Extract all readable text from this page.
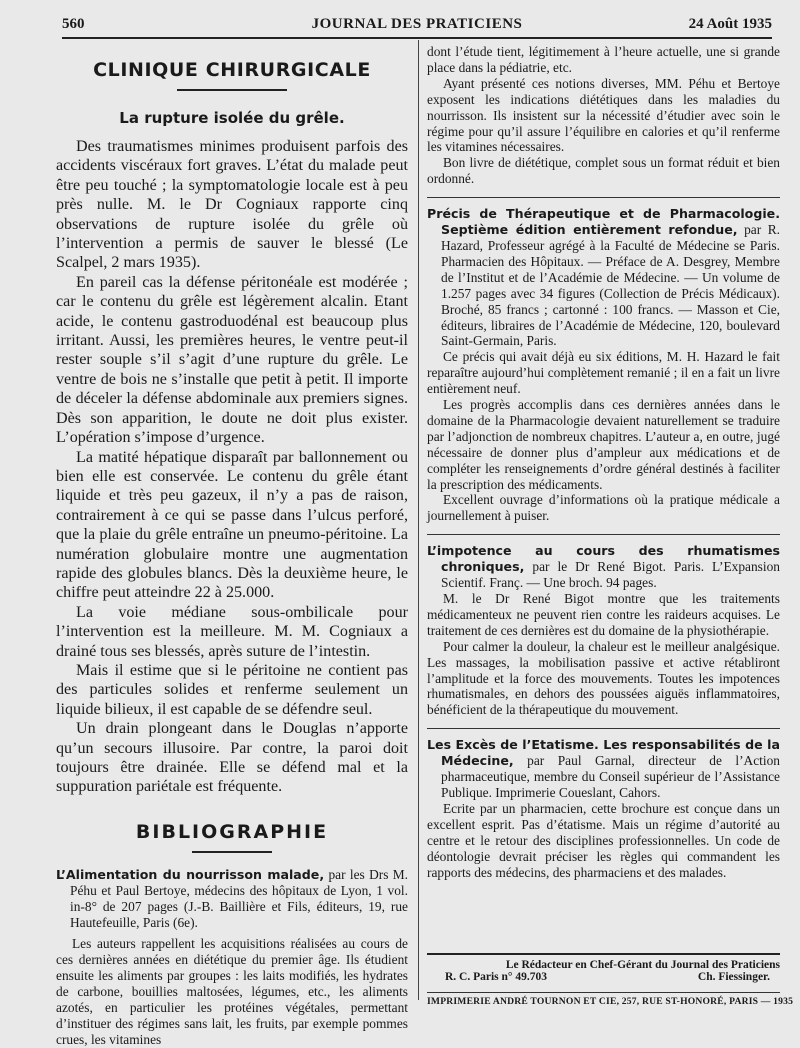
JOURNAL DES PRATICIENS
560	24 Août 1935
CLINIQUE CHIRURGICALE
La rupture isolée du grêle.

Des traumatismes minimes produisent parfois des accidents viscéraux fort graves. L’état du malade peut être peu touché ; la symptomatologie locale est à peu près nulle. M. le Dr Cogniaux rapporte cinq observations de rupture isolée du grêle où l’intervention a permis de sauver le blessé (Le Scalpel, 2 mars 1935).

En pareil cas la défense péritonéale est modérée ; car le contenu du grêle est légèrement alcalin. Etant acide, le contenu gastroduodénal est beaucoup plus irritant. Aussi, les premières heures, le ventre peut-il rester souple s’il s’agit d’une rupture du grêle. Le ventre de bois ne s’installe que petit à petit. Il importe de déceler la défense abdominale aux premiers signes. Dès son apparition, le doute ne doit plus exister. L’opération s’impose d’urgence.

La matité hépatique disparaît par ballonnement ou bien elle est conservée. Le contenu du grêle étant liquide et très peu gazeux, il n’y a pas de raison, contrairement à ce qui se passe dans l’ulcus perforé, que la plaie du grêle entraîne un pneumo-péritoine. La numération globulaire montre une augmentation rapide des globules blancs. Dès la deuxième heure, le chiffre peut atteindre 22 à 25.000.

La voie médiane sous-ombilicale pour l’intervention est la meilleure. M. M. Cogniaux a drainé tous ses blessés, après suture de l’intestin.

Mais il estime que si le péritoine ne contient pas des particules solides et renferme seulement un liquide bilieux, il est capable de se défendre seul.

Un drain plongeant dans le Douglas n’apporte qu’un secours illusoire. Par contre, la paroi doit toujours être drainée. Elle se défend mal et la suppuration pariétale est fréquente.

BIBLIOGRAPHIE

L’Alimentation du nourrisson malade, par les Drs M. Péhu et Paul Bertoye, médecins des hôpitaux de Lyon, 1 vol. in-8° de 207 pages (J.-B. Baillière et Fils, éditeurs, 19, rue Hautefeuille, Paris (6e).

Les auteurs rappellent les acquisitions réalisées au cours de ces dernières années en diététique du premier âge. Ils étudient ensuite les aliments par groupes : les laits modifiés, les hydrates de carbone, bouillies maltosées, légumes, etc., les aliments azotés, en particulier les protéines végétales, permettant d’instituer des régimes sans lait, les fruits, par exemple pommes crues, les vitamines

dont l’étude tient, légitimement à l’heure actuelle, une si grande place dans la pédiatrie, etc.

Ayant présenté ces notions diverses, MM. Péhu et Bertoye exposent les indications diététiques dans les maladies du nourrisson. Ils insistent sur la nécessité d’étudier avec soin le régime pour qu’il assure l’équilibre en calories et qu’il renferme les vitamines nécessaires.

Bon livre de diététique, complet sous un format réduit et bien ordonné.

Précis de Thérapeutique et de Pharmacologie. Septième édition entièrement refondue, par R. Hazard, Professeur agrégé à la Faculté de Médecine se Paris. Pharmacien des Hôpitaux. — Préface de A. Desgrey, Membre de l’Institut et de l’Académie de Médecine. — Un volume de 1.257 pages avec 34 figures (Collection de Précis Médicaux). Broché, 85 francs ; cartonné : 100 francs. — Masson et Cie, éditeurs, libraires de l’Académie de Médecine, 120, boulevard Saint-Germain, Paris.

Ce précis qui avait déjà eu six éditions, M. H. Hazard le fait reparaître aujourd’hui complètement remanié ; il en a fait un livre entièrement neuf.

Les progrès accomplis dans ces dernières années dans le domaine de la Pharmacologie devaient naturellement se traduire par l’adjonction de nombreux chapitres. L’auteur a, en outre, jugé nécessaire de donner plus d’ampleur aux médications et de compléter les renseignements d’ordre général destinés à faciliter la prescription des médicaments.

Excellent ouvrage d’informations où la pratique médicale a journellement à puiser.

L’impotence au cours des rhumatismes chroniques, par le Dr René Bigot. Paris. L’Expansion Scientif. Franç. — Une broch. 94 pages.

M. le Dr René Bigot montre que les traitements médicamenteux ne peuvent rien contre les raideurs acquises. Le traitement de ces dernières est du domaine de la physiothérapie.

Pour calmer la douleur, la chaleur est le meilleur analgésique. Les massages, la mobilisation passive et active rétabliront l’amplitude et la force des mouvements. Toutes les impotences rhumatismales, en dehors des poussées aiguës inflammatoires, bénéficient de la thérapeutique du mouvement.

Les Excès de l’Etatisme. Les responsabilités de la Médecine, par Paul Garnal, directeur de l’Action pharmaceutique, membre du Conseil supérieur de l’Assistance Publique. Imprimerie Coueslant, Cahors.

Ecrite par un pharmacien, cette brochure est conçue dans un excellent esprit. Pas d’étatisme. Mais un régime d’autorité au centre et le retour des disciplines professionnelles. Un code de déontologie devrait préciser les règles qui commandent les rapports des médecins, des pharmaciens et des malades.

Le Rédacteur en Chef-Gérant du Journal des Praticiens
R. C. Paris n° 49.703	Ch. Fiessinger.
IMPRIMERIE ANDRÉ TOURNON ET CIE, 257, RUE ST-HONORÉ, PARIS — 1935
